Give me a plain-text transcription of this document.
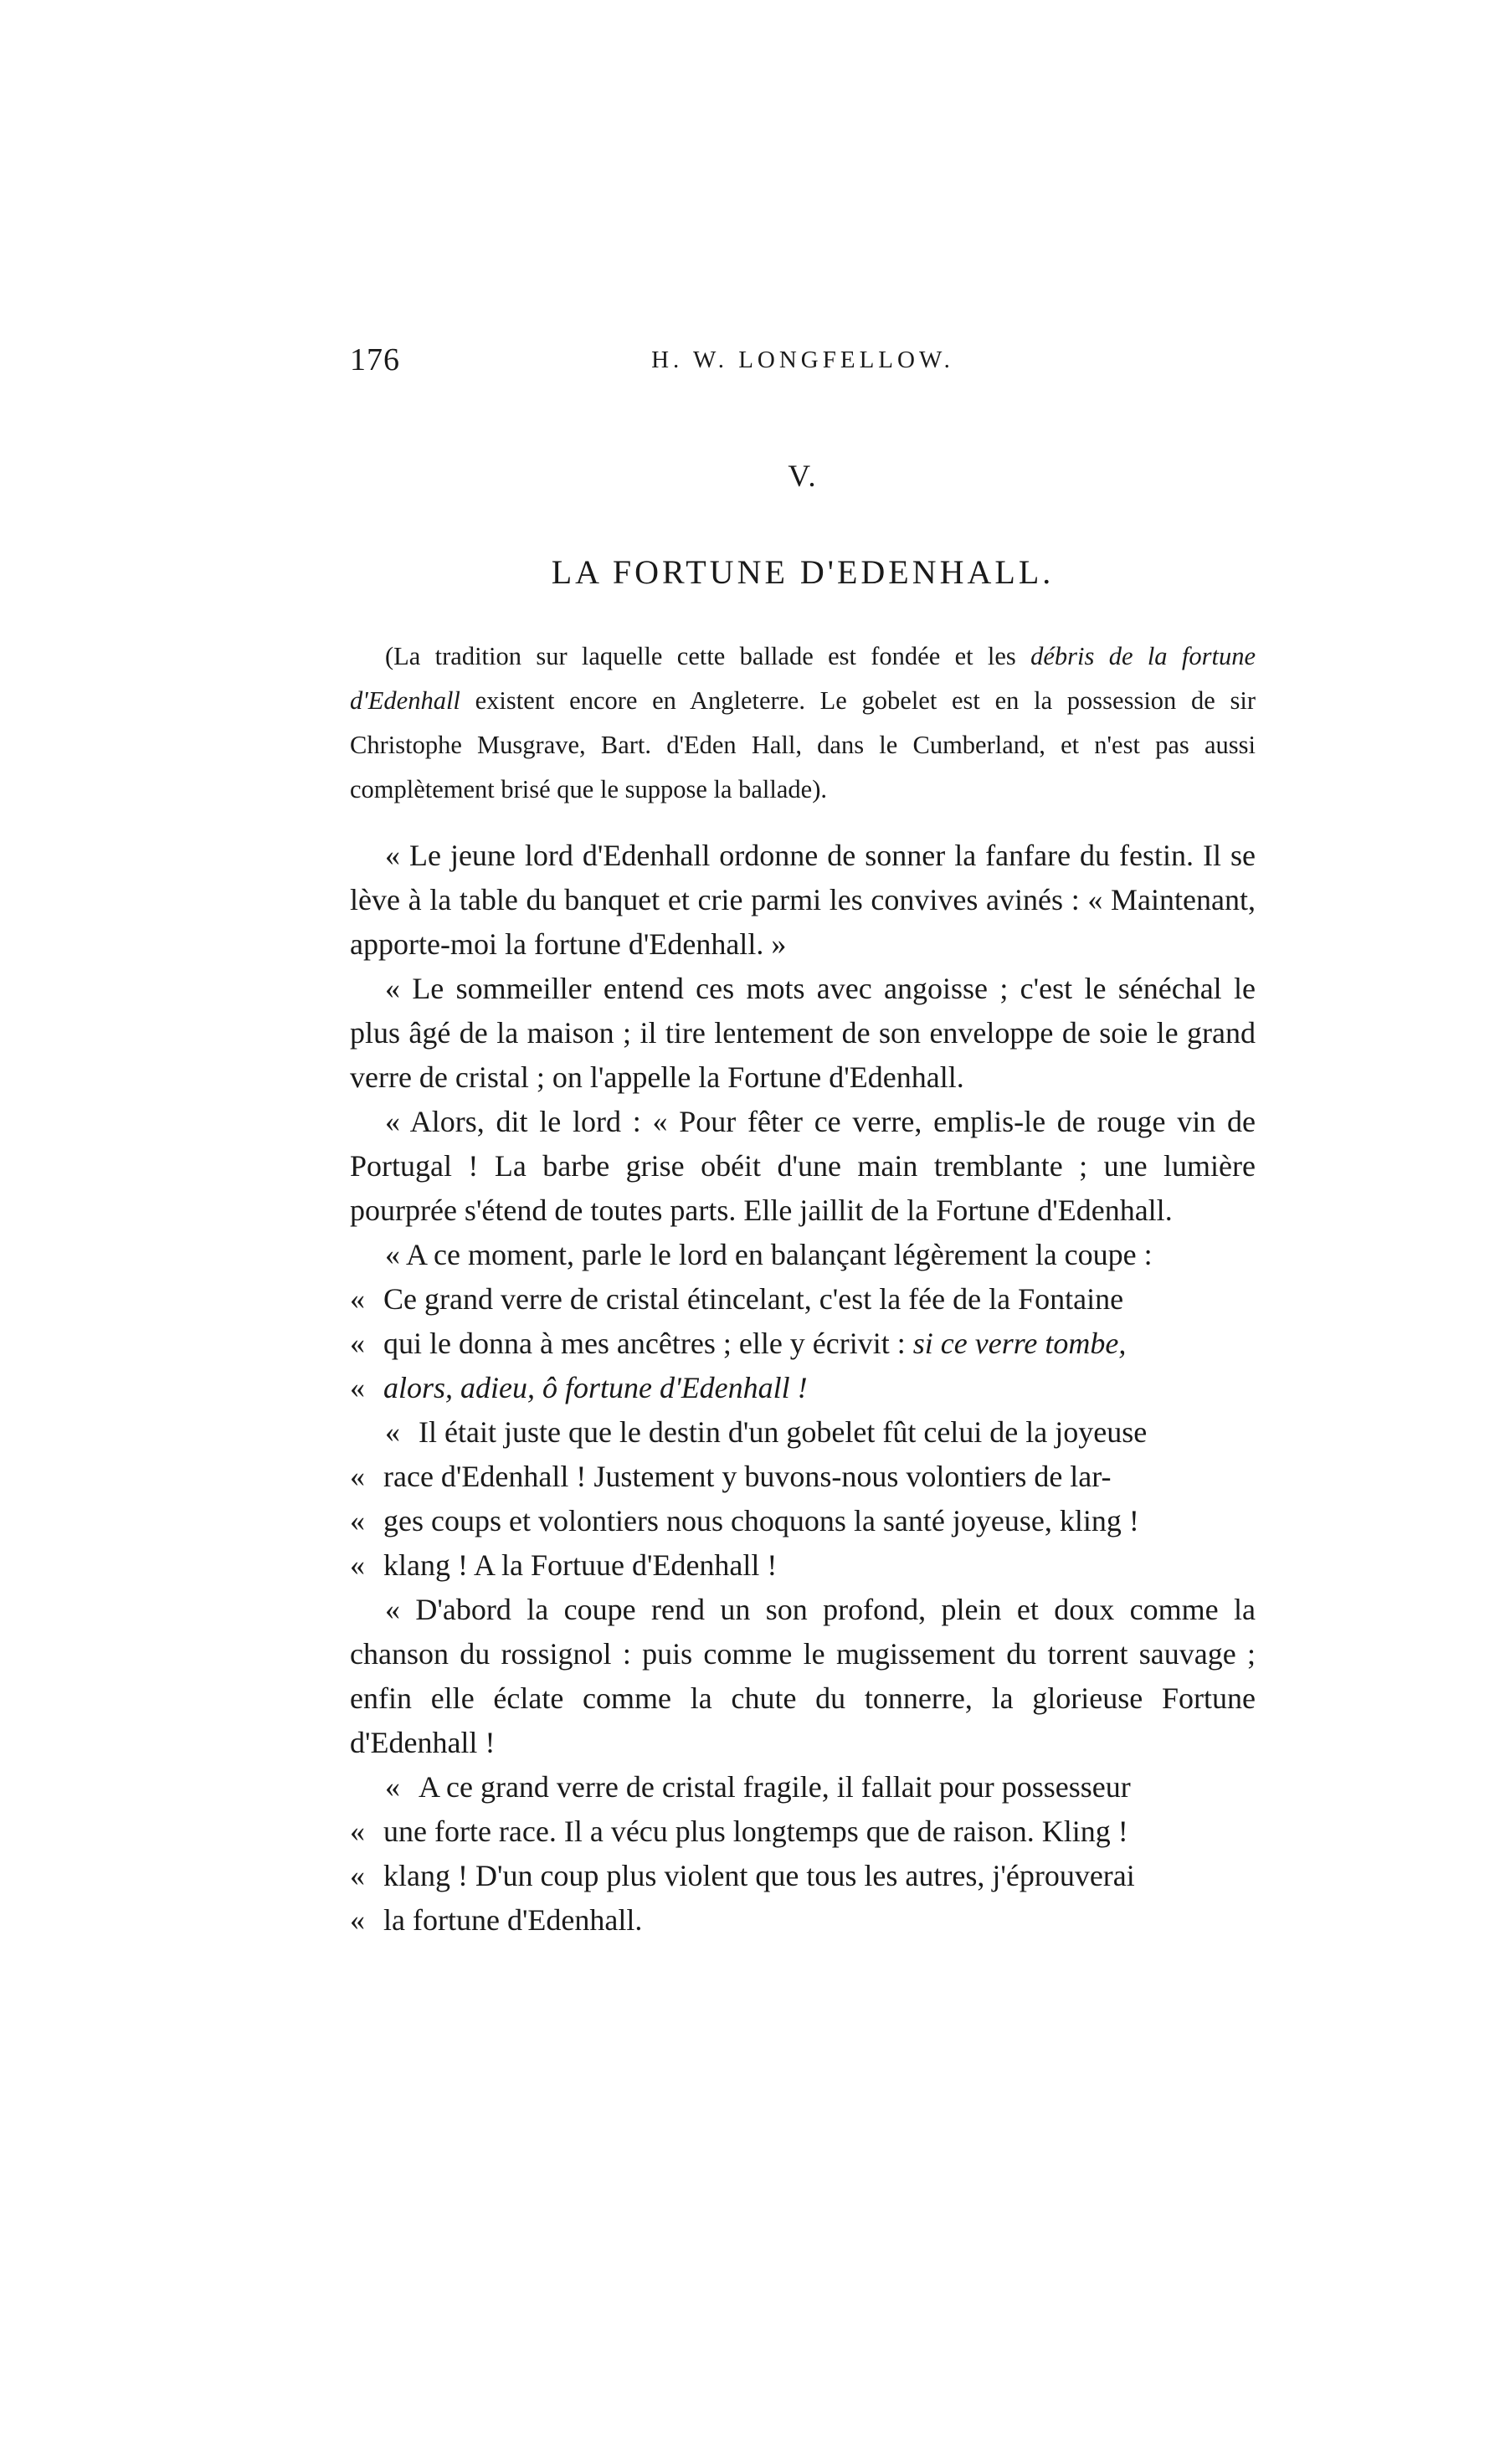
176	H. W. LONGFELLOW.
V.
LA FORTUNE D'EDENHALL.
(La tradition sur laquelle cette ballade est fondée et les débris de la fortune d'Edenhall existent encore en Angleterre. Le gobelet est en la possession de sir Christophe Musgrave, Bart. d'Eden Hall, dans le Cumberland, et n'est pas aussi complètement brisé que le suppose la ballade).

« Le jeune lord d'Edenhall ordonne de sonner la fanfare du festin. Il se lève à la table du banquet et crie parmi les convives avinés : « Maintenant, apporte-moi la fortune d'Edenhall. »

« Le sommeiller entend ces mots avec angoisse ; c'est le sénéchal le plus âgé de la maison ; il tire lentement de son enveloppe de soie le grand verre de cristal ; on l'appelle la Fortune d'Edenhall.

« Alors, dit le lord : « Pour fêter ce verre, emplis-le de rouge vin de Portugal ! La barbe grise obéit d'une main tremblante ; une lumière pourprée s'étend de toutes parts. Elle jaillit de la Fortune d'Edenhall.

« A ce moment, parle le lord en balançant légèrement la coupe :

« Ce grand verre de cristal étincelant, c'est la fée de la Fontaine

« qui le donna à mes ancêtres ; elle y écrivit : si ce verre tombe,

« alors, adieu, ô fortune d'Edenhall !

« Il était juste que le destin d'un gobelet fût celui de la joyeuse

« race d'Edenhall ! Justement y buvons-nous volontiers de lar-

« ges coups et volontiers nous choquons la santé joyeuse, kling !

« klang ! A la Fortuue d'Edenhall !

« D'abord la coupe rend un son profond, plein et doux comme la chanson du rossignol : puis comme le mugissement du torrent sauvage ; enfin elle éclate comme la chute du tonnerre, la glorieuse Fortune d'Edenhall !

« A ce grand verre de cristal fragile, il fallait pour possesseur

« une forte race. Il a vécu plus longtemps que de raison. Kling !

« klang ! D'un coup plus violent que tous les autres, j'éprouverai

« la fortune d'Edenhall.
